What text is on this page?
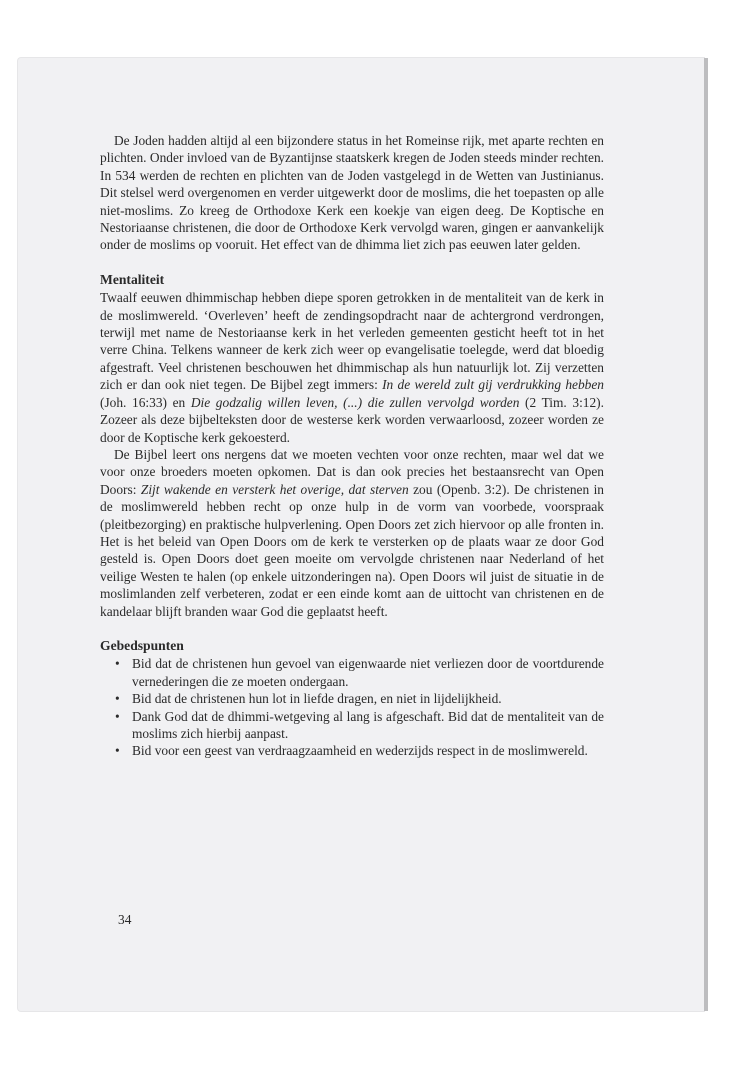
De Joden hadden altijd al een bijzondere status in het Romeinse rijk, met aparte rechten en plichten. Onder invloed van de Byzantijnse staatskerk kregen de Joden steeds minder rechten. In 534 werden de rechten en plichten van de Joden vastgelegd in de Wetten van Justinianus. Dit stelsel werd overgenomen en verder uitgewerkt door de moslims, die het toepasten op alle niet-moslims. Zo kreeg de Orthodoxe Kerk een koekje van eigen deeg. De Koptische en Nestoriaanse christenen, die door de Orthodoxe Kerk vervolgd waren, gingen er aanvankelijk onder de moslims op vooruit. Het effect van de dhimma liet zich pas eeuwen later gelden.

Mentaliteit

Twaalf eeuwen dhimmischap hebben diepe sporen getrokken in de mentaliteit van de kerk in de moslimwereld. ‘Overleven’ heeft de zendingsopdracht naar de achtergrond verdrongen, terwijl met name de Nestoriaanse kerk in het verleden gemeenten gesticht heeft tot in het verre China. Telkens wanneer de kerk zich weer op evangelisatie toelegde, werd dat bloedig afgestraft. Veel christenen beschouwen het dhimmischap als hun natuurlijk lot. Zij verzetten zich er dan ook niet tegen. De Bijbel zegt immers: In de wereld zult gij verdrukking hebben (Joh. 16:33) en Die godzalig willen leven, (...) die zullen vervolgd worden (2 Tim. 3:12). Zozeer als deze bijbelteksten door de westerse kerk worden verwaarloosd, zozeer worden ze door de Koptische kerk gekoesterd.

De Bijbel leert ons nergens dat we moeten vechten voor onze rechten, maar wel dat we voor onze broeders moeten opkomen. Dat is dan ook precies het bestaansrecht van Open Doors: Zijt wakende en versterk het overige, dat sterven zou (Openb. 3:2). De christenen in de moslimwereld hebben recht op onze hulp in de vorm van voorbede, voorspraak (pleitbezorging) en praktische hulpverlening. Open Doors zet zich hiervoor op alle fronten in. Het is het beleid van Open Doors om de kerk te versterken op de plaats waar ze door God gesteld is. Open Doors doet geen moeite om vervolgde christenen naar Nederland of het veilige Westen te halen (op enkele uitzonderingen na). Open Doors wil juist de situatie in de moslimlanden zelf verbeteren, zodat er een einde komt aan de uittocht van christenen en de kandelaar blijft branden waar God die geplaatst heeft.

Gebedspunten
• Bid dat de christenen hun gevoel van eigenwaarde niet verliezen door de voortdurende vernederingen die ze moeten ondergaan.
• Bid dat de christenen hun lot in liefde dragen, en niet in lijdelijkheid.
• Dank God dat de dhimmi-wetgeving al lang is afgeschaft. Bid dat de mentaliteit van de moslims zich hierbij aanpast.
• Bid voor een geest van verdraagzaamheid en wederzijds respect in de moslimwereld.
34
